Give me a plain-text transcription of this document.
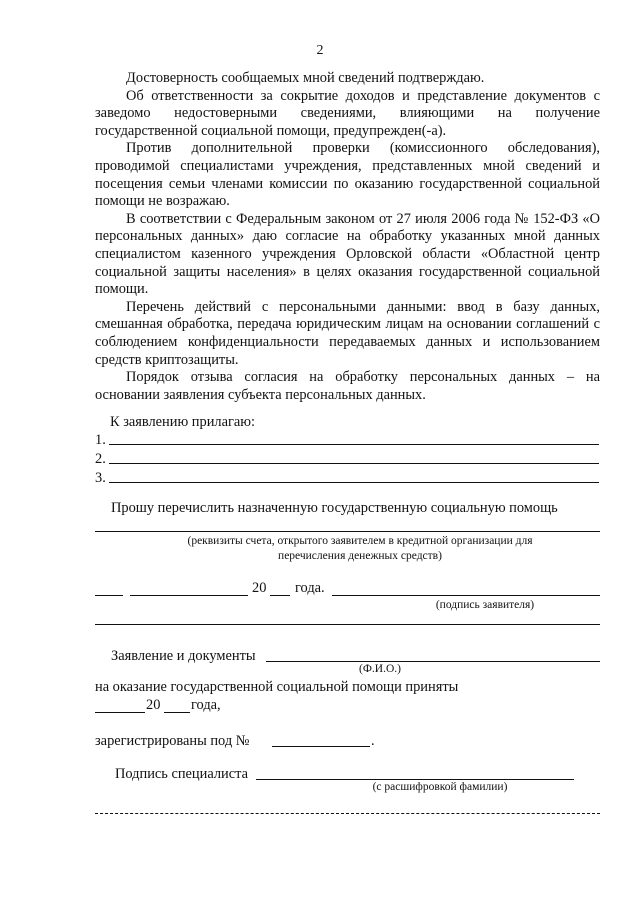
2

Достоверность сообщаемых мной сведений подтверждаю.

Об ответственности за сокрытие доходов и представление документов с заведомо недостоверными сведениями, влияющими на получение государственной социальной помощи, предупрежден(-а).

Против дополнительной проверки (комиссионного обследования), проводимой специалистами учреждения, представленных мной сведений и посещения семьи членами комиссии по оказанию государственной социальной помощи не возражаю.

В соответствии с Федеральным законом от 27 июля 2006 года № 152-ФЗ «О персональных данных» даю согласие на обработку указанных мной данных специалистом казенного учреждения Орловской области «Областной центр социальной защиты населения» в целях оказания государственной социальной помощи.

Перечень действий с персональными данными: ввод в базу данных, смешанная обработка, передача юридическим лицам на основании соглашений с соблюдением конфиденциальности передаваемых данных и использованием средств криптозащиты.

Порядок отзыва согласия на обработку персональных данных – на основании заявления субъекта персональных данных.

К заявлению прилагаю:
1.
2.
3.
Прошу перечислить назначенную государственную социальную помощь
(реквизиты счета, открытого заявителем в кредитной организации для
перечисления денежных средств)
20 года.
(подпись заявителя)
Заявление и документы
(Ф.И.О.)
на оказание государственной социальной помощи приняты
20 года,
зарегистрированы под №	.
Подпись специалиста
(с расшифровкой фамилии)
